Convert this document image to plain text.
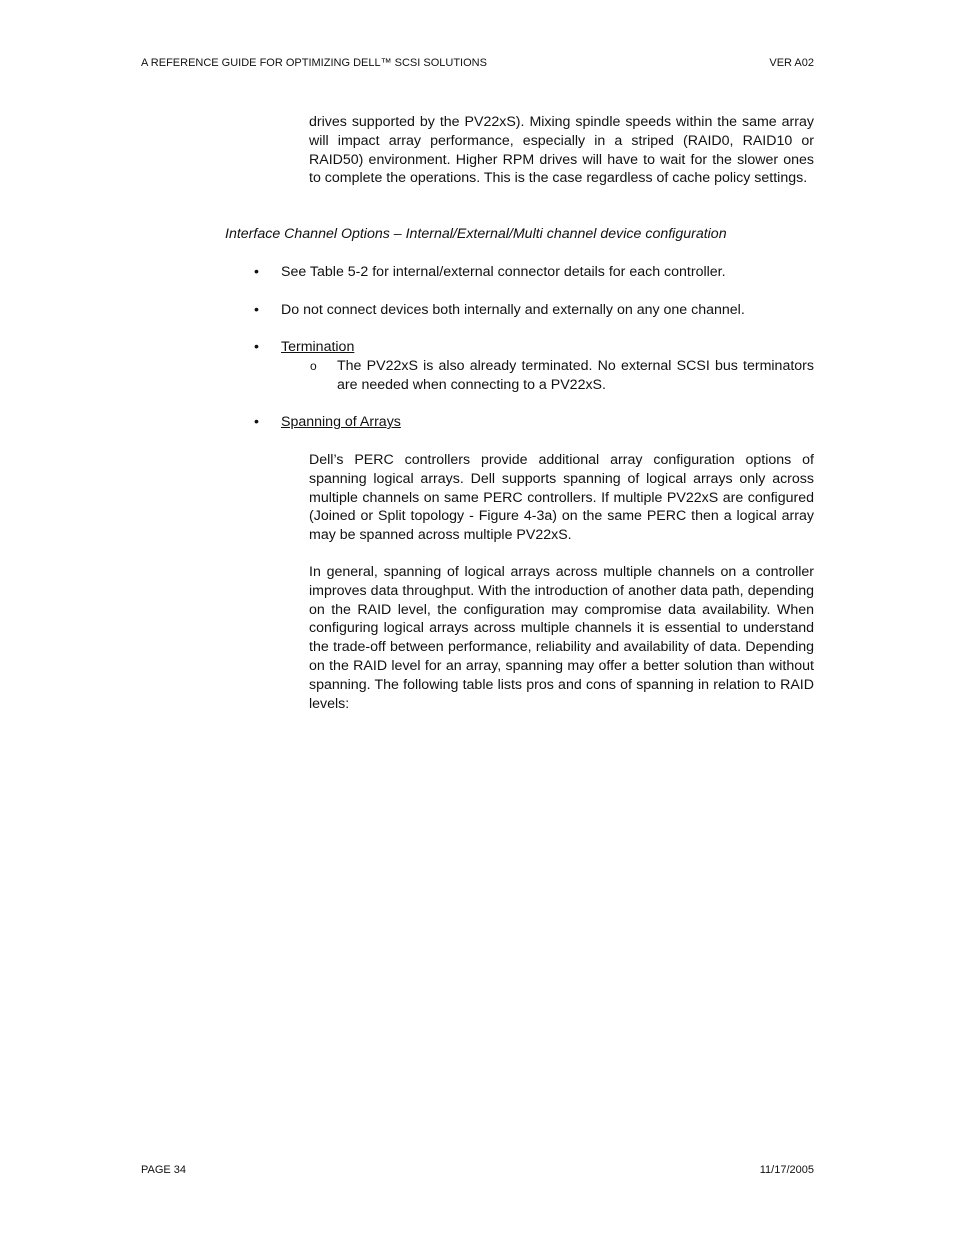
A REFERENCE GUIDE FOR OPTIMIZING DELL™ SCSI SOLUTIONS	VER A02
drives supported by the PV22xS). Mixing spindle speeds within the same array will impact array performance, especially in a striped (RAID0, RAID10 or RAID50) environment. Higher RPM drives will have to wait for the slower ones to complete the operations. This is the case regardless of cache policy settings.
Interface Channel Options – Internal/External/Multi channel device configuration
• See Table 5-2 for internal/external connector details for each controller.
• Do not connect devices both internally and externally on any one channel.
• Termination
o The PV22xS is also already terminated. No external SCSI bus terminators are needed when connecting to a PV22xS.
• Spanning of Arrays
Dell’s PERC controllers provide additional array configuration options of spanning logical arrays. Dell supports spanning of logical arrays only across multiple channels on same PERC controllers. If multiple PV22xS are configured (Joined or Split topology - Figure 4-3a) on the same PERC then a logical array may be spanned across multiple PV22xS.
In general, spanning of logical arrays across multiple channels on a controller improves data throughput. With the introduction of another data path, depending on the RAID level, the configuration may compromise data availability. When configuring logical arrays across multiple channels it is essential to understand the trade-off between performance, reliability and availability of data. Depending on the RAID level for an array, spanning may offer a better solution than without spanning. The following table lists pros and cons of spanning in relation to RAID levels:
PAGE 34	11/17/2005
